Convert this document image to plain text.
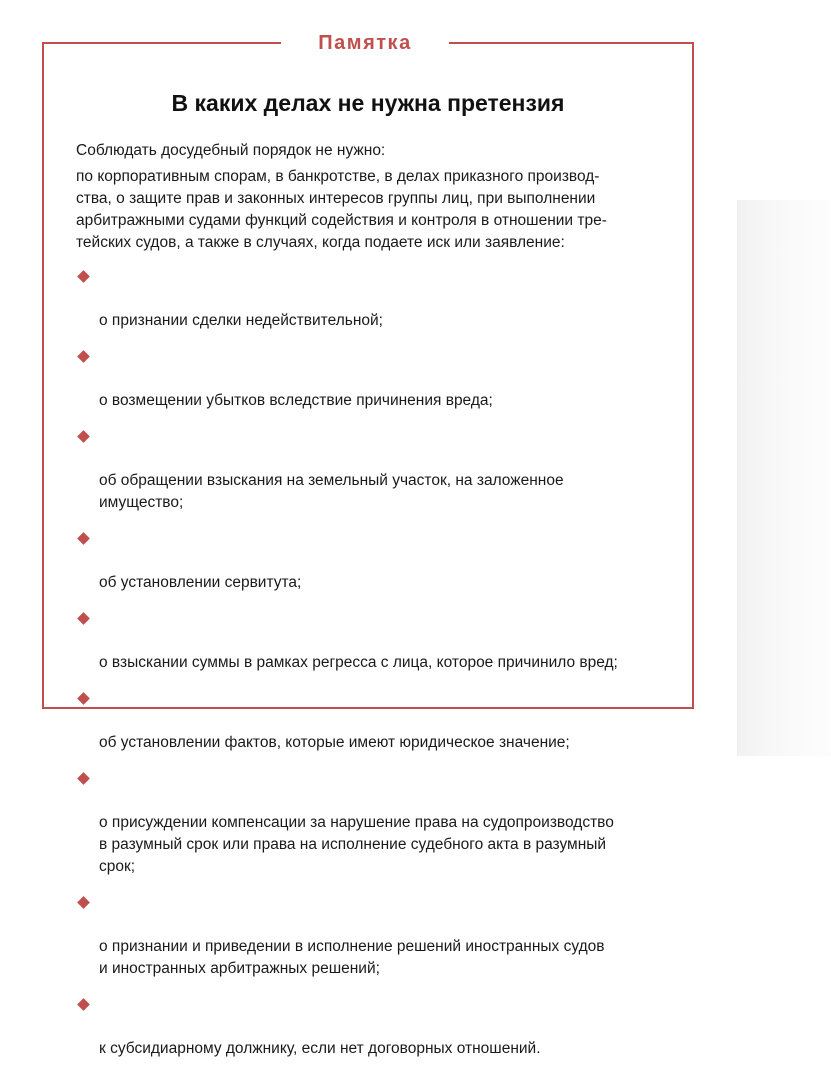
Памятка
В каких делах не нужна претензия

Соблюдать досудебный порядок не нужно:

по корпоративным спорам, в банкротстве, в делах приказного производ-
ства, о защите прав и законных интересов группы лиц, при выполнении
арбитражными судами функций содействия и контроля в отношении тре-
тейских судов, а также в случаях, когда подаете иск или заявление:

о признании сделки недействительной;

о возмещении убытков вследствие причинения вреда;

об обращении взыскания на земельный участок, на заложенное
имущество;

об установлении сервитута;

о взыскании суммы в рамках регресса с лица, которое причинило вред;

об установлении фактов, которые имеют юридическое значение;

о присуждении компенсации за нарушение права на судопроизводство
в разумный срок или права на исполнение судебного акта в разумный
срок;

о признании и приведении в исполнение решений иностранных судов
и иностранных арбитражных решений;

к субсидиарному должнику, если нет договорных отношений.
